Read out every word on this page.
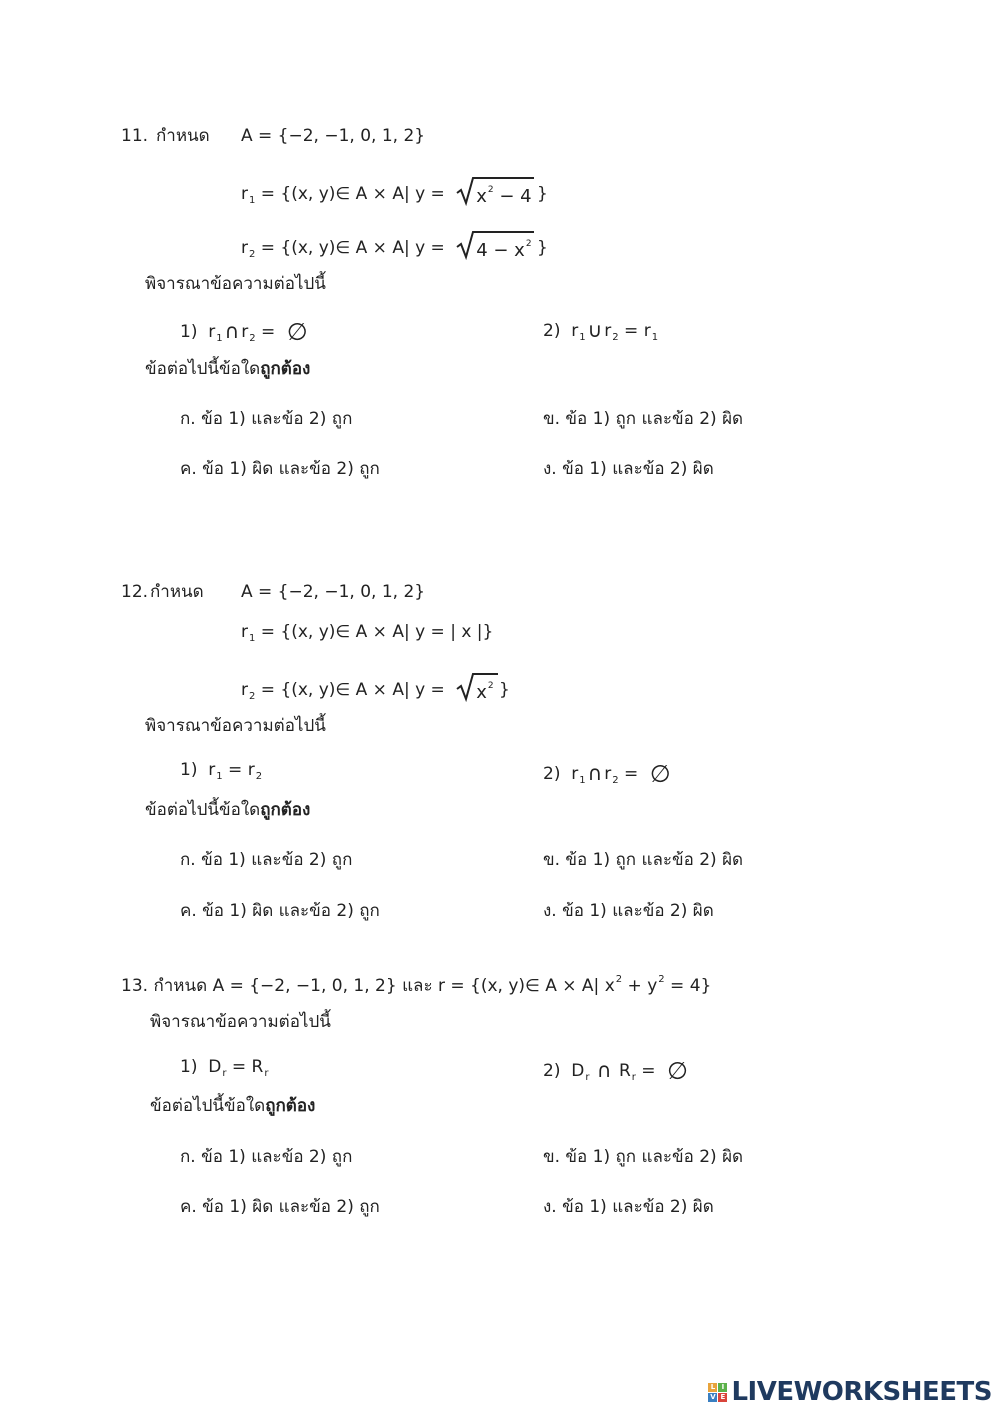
11. กำหนด A = {−2, −1, 0, 1, 2}
$r_1 = \{(x$, y)∈ A × A| y =
$x^2 - 4$ }
$r_2 = \{(x$, y)∈ A × A| y =
$4 - x^2$ }
พิจารณาข้อความต่อไปนี้
1) $r_1$ ∩ $r_2$ = ∅	2) $r_1$ ∪ $r_2 = r_1$
ข้อต่อไปนี้ข้อใดถูกต้อง
ก. ข้อ 1) และข้อ 2) ถูก	ข. ข้อ 1) ถูก และข้อ 2) ผิด
ค. ข้อ 1) ผิด และข้อ 2) ถูก	ง. ข้อ 1) และข้อ 2) ผิด
12. กำหนด A = {−2, −1, 0, 1, 2}
$r_1 = \{(x$, y)∈ A × A| y = | x |}
$r_2 = \{(x$, y)∈ A × A| y =
$x^2$ }
พิจารณาข้อความต่อไปนี้
1) $r_1 = r_2$	2) $r_1$ ∩ $r_2$ = ∅
ข้อต่อไปนี้ข้อใดถูกต้อง
ก. ข้อ 1) และข้อ 2) ถูก	ข. ข้อ 1) ถูก และข้อ 2) ผิด
ค. ข้อ 1) ผิด และข้อ 2) ถูก	ง. ข้อ 1) และข้อ 2) ผิด
13. กำหนด A = {−2, −1, 0, 1, 2} และ r = {(x, y)∈ A × A| $x^2 + y^2 = 4$}
พิจารณาข้อความต่อไปนี้
1) $D_r = R_r$	2) $D_r$ ∩ $R_r$ = ∅
ข้อต่อไปนี้ข้อใดถูกต้อง
ก. ข้อ 1) และข้อ 2) ถูก	ข. ข้อ 1) ถูก และข้อ 2) ผิด
ค. ข้อ 1) ผิด และข้อ 2) ถูก	ง. ข้อ 1) และข้อ 2) ผิด
L I
V E LIVEWORKSHEETS
